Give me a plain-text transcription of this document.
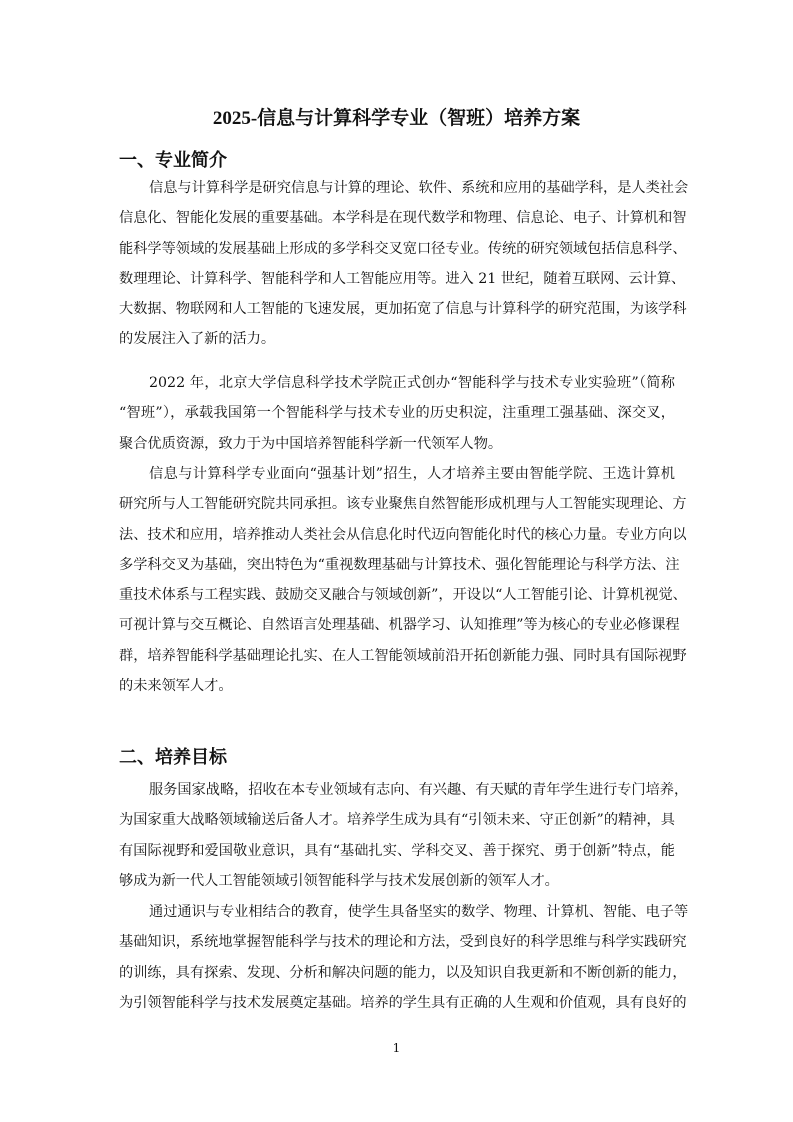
2025-信息与计算科学专业（智班）培养方案
一、专业简介
信息与计算科学是研究信息与计算的理论、软件、系统和应用的基础学科，是人类社会
信息化、智能化发展的重要基础。本学科是在现代数学和物理、信息论、电子、计算机和智
能科学等领域的发展基础上形成的多学科交叉宽口径专业。传统的研究领域包括信息科学、
数理理论、计算科学、智能科学和人工智能应用等。进入 21 世纪，随着互联网、云计算、
大数据、物联网和人工智能的飞速发展，更加拓宽了信息与计算科学的研究范围，为该学科
的发展注入了新的活力。
2022 年，北京大学信息科学技术学院正式创办“智能科学与技术专业实验班”（简称
“智班”），承载我国第一个智能科学与技术专业的历史积淀，注重理工强基础、深交叉，
聚合优质资源，致力于为中国培养智能科学新一代领军人物。
信息与计算科学专业面向“强基计划”招生，人才培养主要由智能学院、王选计算机
研究所与人工智能研究院共同承担。该专业聚焦自然智能形成机理与人工智能实现理论、方
法、技术和应用，培养推动人类社会从信息化时代迈向智能化时代的核心力量。专业方向以
多学科交叉为基础，突出特色为“重视数理基础与计算技术、强化智能理论与科学方法、注
重技术体系与工程实践、鼓励交叉融合与领域创新”，开设以“人工智能引论、计算机视觉、
可视计算与交互概论、自然语言处理基础、机器学习、认知推理”等为核心的专业必修课程
群，培养智能科学基础理论扎实、在人工智能领域前沿开拓创新能力强、同时具有国际视野
的未来领军人才。
二、培养目标
服务国家战略，招收在本专业领域有志向、有兴趣、有天赋的青年学生进行专门培养，
为国家重大战略领域输送后备人才。培养学生成为具有“引领未来、守正创新”的精神，具
有国际视野和爱国敬业意识，具有“基础扎实、学科交叉、善于探究、勇于创新”特点，能
够成为新一代人工智能领域引领智能科学与技术发展创新的领军人才。
通过通识与专业相结合的教育，使学生具备坚实的数学、物理、计算机、智能、电子等
基础知识，系统地掌握智能科学与技术的理论和方法，受到良好的科学思维与科学实践研究
的训练，具有探索、发现、分析和解决问题的能力，以及知识自我更新和不断创新的能力，
为引领智能科学与技术发展奠定基础。培养的学生具有正确的人生观和价值观，具有良好的
1
